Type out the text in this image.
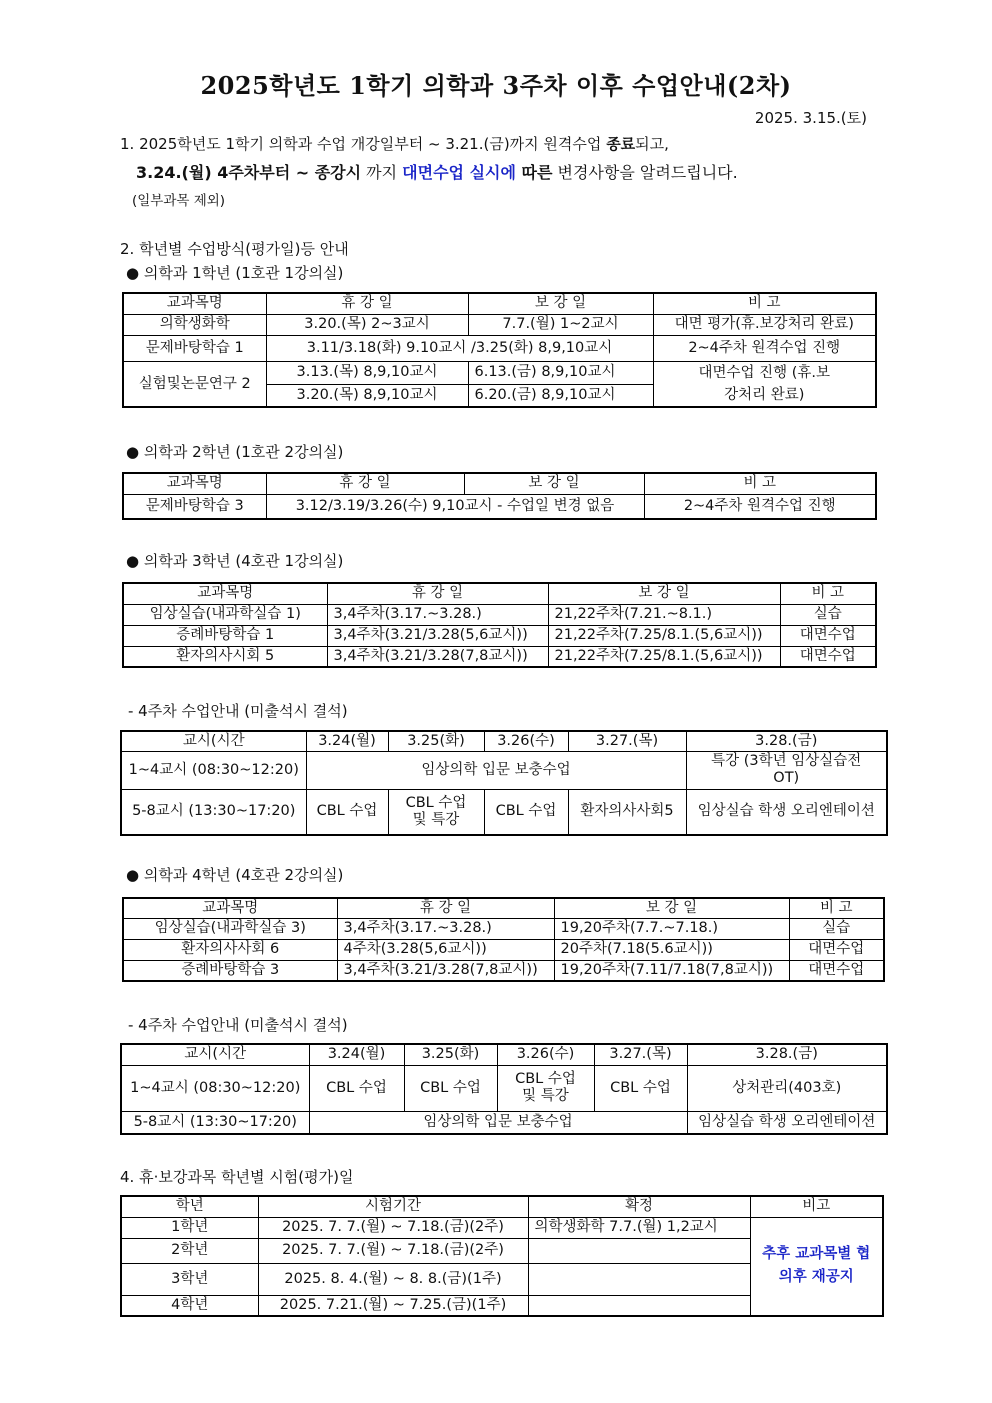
2025학년도 1학기 의학과 3주차 이후 수업안내(2차)
2025. 3.15.(토)
1. 2025학년도 1학기 의학과 수업 개강일부터 ~ 3.21.(금)까지 원격수업 종료되고,
3.24.(월) 4주차부터 ~ 종강시 까지 대면수업 실시에 따른 변경사항을 알려드립니다.
(일부과목 제외)
2. 학년별 수업방식(평가일)등 안내
● 의학과 1학년 (1호관 1강의실)
교과목명	휴 강 일	보 강 일	비 고
의학생화학	3.20.(목) 2~3교시	7.7.(월) 1~2교시	대면 평가(휴.보강처리 완료)
문제바탕학습 1	3.11/3.18(화) 9.10교시 /3.25(화) 8,9,10교시		2~4주차 원격수업 진행
실험및논문연구 2	3.13.(목) 8,9,10교시	6.13.(금) 8,9,10교시	대면수업 진행 (휴.보강처리 완료)
	3.20.(목) 8,9,10교시	6.20.(금) 8,9,10교시	
● 의학과 2학년 (1호관 2강의실)
교과목명	휴 강 일	보 강 일	비 고
문제바탕학습 3	3.12/3.19/3.26(수) 9,10교시 - 수업일 변경 없음		2~4주차 원격수업 진행
● 의학과 3학년 (4호관 1강의실)
교과목명	휴 강 일	보 강 일	비 고
임상실습(내과학실습 1)	3,4주차(3.17.~3.28.)	21,22주차(7.21.~8.1.)	실습
증례바탕학습 1	3,4주차(3.21/3.28(5,6교시))	21,22주차(7.25/8.1.(5,6교시))	대면수업
환자의사시회 5	3,4주차(3.21/3.28(7,8교시))	21,22주차(7.25/8.1.(5,6교시))	대면수업
- 4주차 수업안내 (미출석시 결석)
교시(시간	3.24(월)	3.25(화)	3.26(수)	3.27.(목)	3.28.(금)
1~4교시 (08:30~12:20)	임상의학 입문 보충수업				특강 (3학년 임상실습전 OT)
5-8교시 (13:30~17:20)	CBL 수업	CBL 수업 및 특강	CBL 수업	환자의사사회5	임상실습 학생 오리엔테이션
● 의학과 4학년 (4호관 2강의실)
교과목명	휴 강 일	보 강 일	비 고
임상실습(내과학실습 3)	3,4주차(3.17.~3.28.)	19,20주차(7.7.~7.18.)	실습
환자의사사회 6	4주차(3.28(5,6교시))	20주차(7.18(5.6교시))	대면수업
증례바탕학습 3	3,4주차(3.21/3.28(7,8교시))	19,20주차(7.11/7.18(7,8교시))	대면수업
- 4주차 수업안내 (미출석시 결석)
교시(시간	3.24(월)	3.25(화)	3.26(수)	3.27.(목)	3.28.(금)
1~4교시 (08:30~12:20)	CBL 수업	CBL 수업	CBL 수업 및 특강	CBL 수업	상처관리(403호)
5-8교시 (13:30~17:20)	임상의학 입문 보충수업				임상실습 학생 오리엔테이션
4. 휴·보강과목 학년별 시험(평가)일
학년	시험기간	확정	비고
1학년	2025. 7. 7.(월) ~ 7.18.(금)(2주)	의학생화학 7.7.(월) 1,2교시	추후 교과목별 협의후 재공지
2학년	2025. 7. 7.(월) ~ 7.18.(금)(2주)		
3학년	2025. 8. 4.(월) ~ 8. 8.(금)(1주)		
4학년	2025. 7.21.(월) ~ 7.25.(금)(1주)		
